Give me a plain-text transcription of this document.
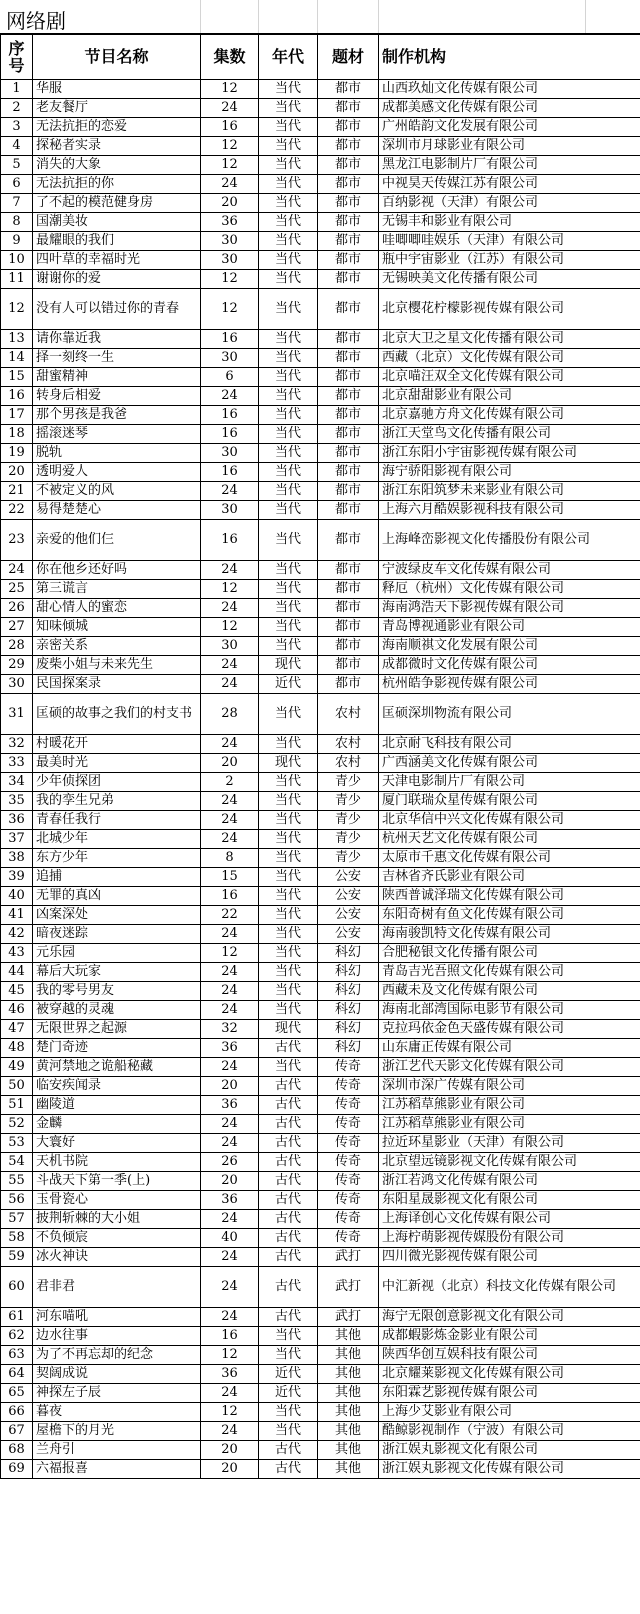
网络剧
序号	节目名称	集数	年代	题材	制作机构
1	华服	12	当代	都市	山西玖灿文化传媒有限公司
2	老友餐厅	24	当代	都市	成都美感文化传媒有限公司
3	无法抗拒的恋爱	16	当代	都市	广州皓韵文化发展有限公司
4	探秘者实录	12	当代	都市	深圳市月球影业有限公司
5	消失的大象	12	当代	都市	黑龙江电影制片厂有限公司
6	无法抗拒的你	24	当代	都市	中视昊天传媒江苏有限公司
7	了不起的模范健身房	20	当代	都市	百纳影视（天津）有限公司
8	国潮美妆	36	当代	都市	无锡丰和影业有限公司
9	最耀眼的我们	30	当代	都市	哇唧唧哇娱乐（天津）有限公司
10	四叶草的幸福时光	30	当代	都市	瓶中宇宙影业（江苏）有限公司
11	谢谢你的爱	12	当代	都市	无锡映美文化传播有限公司
12	没有人可以错过你的青春	12	当代	都市	北京樱花柠檬影视传媒有限公司
13	请你靠近我	16	当代	都市	北京大卫之星文化传播有限公司
14	择一刻终一生	30	当代	都市	西藏（北京）文化传媒有限公司
15	甜蜜精神	6	当代	都市	北京喵汪双全文化传媒有限公司
16	转身后相爱	24	当代	都市	北京甜甜影业有限公司
17	那个男孩是我爸	16	当代	都市	北京嘉驰方舟文化传媒有限公司
18	摇滚迷琴	16	当代	都市	浙江天堂鸟文化传播有限公司
19	脱轨	30	当代	都市	浙江东阳小宇宙影视传媒有限公司
20	透明爱人	16	当代	都市	海宁骄阳影视有限公司
21	不被定义的风	24	当代	都市	浙江东阳筑梦未来影业有限公司
22	易得楚楚心	30	当代	都市	上海六月酷娱影视科技有限公司
23	亲爱的他们仨	16	当代	都市	上海峰峦影视文化传播股份有限公司
24	你在他乡还好吗	24	当代	都市	宁波绿皮车文化传媒有限公司
25	第三谎言	12	当代	都市	释厄（杭州）文化传媒有限公司
26	甜心情人的蜜恋	24	当代	都市	海南鸿浩天下影视传媒有限公司
27	知味倾城	12	当代	都市	青岛博视通影业有限公司
28	亲密关系	30	当代	都市	海南顺祺文化发展有限公司
29	废柴小姐与未来先生	24	现代	都市	成都微时文化传媒有限公司
30	民国探案录	24	近代	都市	杭州皓争影视传媒有限公司
31	匡硕的故事之我们的村支书	28	当代	农村	匡硕深圳物流有限公司
32	村暖花开	24	当代	农村	北京耐飞科技有限公司
33	最美时光	20	现代	农村	广西涵美文化传媒有限公司
34	少年侦探团	2	当代	青少	天津电影制片厂有限公司
35	我的孪生兄弟	24	当代	青少	厦门联瑞众星传媒有限公司
36	青春任我行	24	当代	青少	北京华信中兴文化传媒有限公司
37	北城少年	24	当代	青少	杭州天艺文化传媒有限公司
38	东方少年	8	当代	青少	太原市千惠文化传媒有限公司
39	追捕	15	当代	公安	吉林省齐氏影业有限公司
40	无罪的真凶	16	当代	公安	陕西普诚泽瑞文化传媒有限公司
41	凶案深处	22	当代	公安	东阳奇树有鱼文化传媒有限公司
42	暗夜迷踪	24	当代	公安	海南骏凯特文化传媒有限公司
43	元乐园	12	当代	科幻	合肥秘银文化传播有限公司
44	幕后大玩家	24	当代	科幻	青岛吉光吾照文化传媒有限公司
45	我的零号男友	24	当代	科幻	西藏未及文化传媒有限公司
46	被穿越的灵魂	24	当代	科幻	海南北部湾国际电影节有限公司
47	无限世界之起源	32	现代	科幻	克拉玛依金色天盛传媒有限公司
48	楚门奇迹	36	古代	科幻	山东庸正传媒有限公司
49	黄河禁地之诡船秘藏	24	当代	传奇	浙江艺代天影文化传媒有限公司
50	临安疾闻录	20	古代	传奇	深圳市深广传媒有限公司
51	幽陵道	36	古代	传奇	江苏稻草熊影业有限公司
52	金麟	24	古代	传奇	江苏稻草熊影业有限公司
53	大寰好	24	古代	传奇	拉近环星影业（天津）有限公司
54	天机书院	26	古代	传奇	北京望远镜影视文化传媒有限公司
55	斗战天下第一季(上)	20	古代	传奇	浙江若鸿文化传媒有限公司
56	玉骨瓷心	36	古代	传奇	东阳星晟影视文化有限公司
57	披荆斩棘的大小姐	24	古代	传奇	上海译创心文化传媒有限公司
58	不负倾宸	40	古代	传奇	上海柠萌影视传媒股份有限公司
59	冰火神诀	24	古代	武打	四川微光影视传媒有限公司
60	君非君	24	古代	武打	中汇新视（北京）科技文化传媒有限公司
61	河东喵吼	24	古代	武打	海宁无限创意影视文化有限公司
62	边水往事	16	当代	其他	成都蝦影炼金影业有限公司
63	为了不再忘却的纪念	12	当代	其他	陕西华创互娱科技有限公司
64	契阔成说	36	近代	其他	北京耀莱影视文化传媒有限公司
65	神探左子辰	24	近代	其他	东阳霖艺影视传媒有限公司
66	暮夜	12	当代	其他	上海少艾影业有限公司
67	屋檐下的月光	24	当代	其他	酷鲸影视制作（宁波）有限公司
68	兰舟引	20	古代	其他	浙江娱丸影视文化有限公司
69	六福报喜	20	古代	其他	浙江娱丸影视文化传媒有限公司
